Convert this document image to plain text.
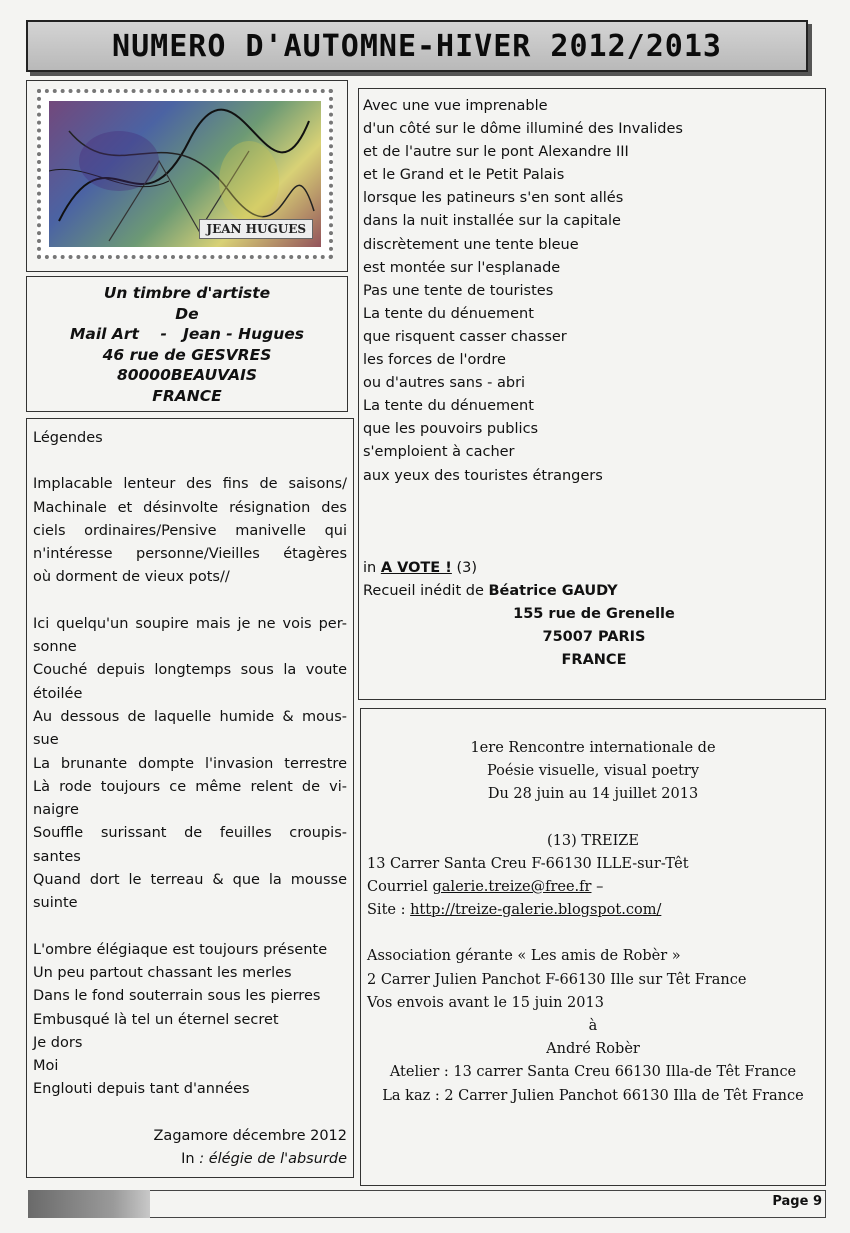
NUMERO D'AUTOMNE-HIVER 2012/2013
JEAN HUGUES
Un timbre d'artiste
De
Mail Art    -   Jean - Hugues
46 rue de GESVRES
80000BEAUVAIS
FRANCE

Légendes

Implacable lenteur des fins de saisons/

Machinale et désinvolte résignation des

ciels ordinaires/Pensive manivelle qui

n'intéresse personne/Vieilles étagères

où dorment de vieux pots//

Ici quelqu'un soupire mais je ne vois per-

sonne

Couché depuis longtemps sous la voute

étoilée

Au dessous de laquelle humide & mous-

sue

La brunante dompte l'invasion terrestre

Là rode toujours ce même relent de vi-

naigre

Souffle surissant de feuilles croupis-

santes

Quand dort le terreau & que la mousse

suinte

L'ombre élégiaque est toujours présente

Un peu partout chassant les merles

Dans le fond souterrain sous les pierres

Embusqué là tel un éternel secret

Je dors

Moi

Englouti depuis tant d'années

Zagamore décembre 2012

In : élégie de l'absurde

Avec une vue imprenable

d'un côté sur le dôme illuminé des Invalides

et de l'autre sur le pont Alexandre III

et le Grand et le Petit Palais

lorsque les patineurs s'en sont allés

dans la nuit installée sur la capitale

discrètement une tente bleue

est montée sur l'esplanade

Pas une tente de touristes

La tente du dénuement

que risquent casser chasser

les forces de l'ordre

ou d'autres sans - abri

La tente du dénuement

que les pouvoirs publics

s'emploient à cacher

aux yeux des touristes étrangers

in A VOTE ! (3)

Recueil inédit de Béatrice GAUDY

155 rue de Grenelle

75007 PARIS

FRANCE

1ere Rencontre internationale de

Poésie visuelle, visual poetry

Du 28 juin au 14 juillet 2013

(13) TREIZE

13 Carrer Santa Creu F-66130 ILLE-sur-Têt

Courriel galerie.treize@free.fr –

Site : http://treize-galerie.blogspot.com/

Association gérante « Les amis de Robèr »

2 Carrer Julien Panchot F-66130 Ille sur Têt France

Vos envois avant le 15 juin 2013

à

André Robèr

Atelier : 13 carrer Santa Creu 66130 Illa-de Têt France

La kaz : 2 Carrer Julien Panchot 66130 Illa de Têt France

Page 9
